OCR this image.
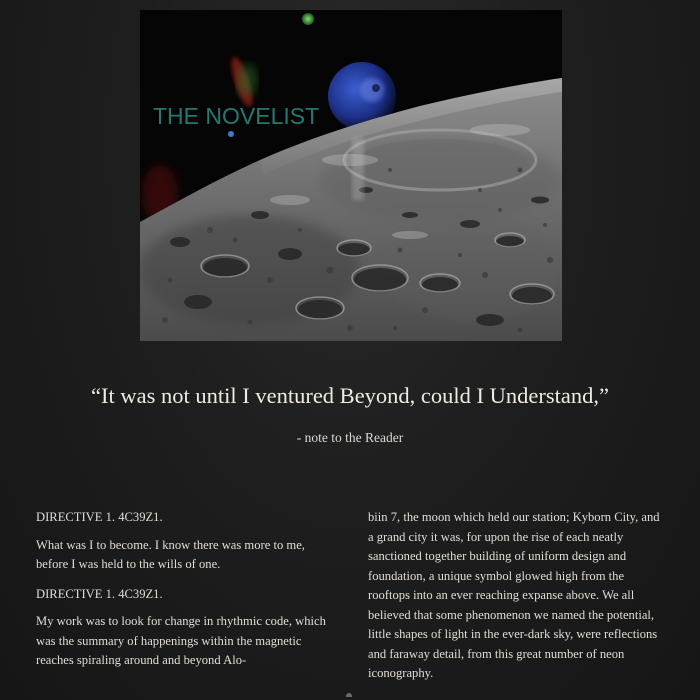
THE NOVELIST
“It was not until I ventured Beyond, could I Understand,”
- note to the Reader

DIRECTIVE 1. 4C39Z1.

What was I to become. I know there was more to me, before I was held to the wills of one.

DIRECTIVE 1. 4C39Z1.

My work was to look for change in rhythmic code, which was the summary of happenings within the magnetic reaches spiraling around and beyond Alo-

biin 7, the moon which held our station; Kyborn City, and a grand city it was, for upon the rise of each neatly sanctioned together building of uniform design and foundation, a unique symbol glowed high from the rooftops into an ever reaching expanse above. We all believed that some phenomenon we named the potential, little shapes of light in the ever-dark sky, were reflections and faraway detail, from this great number of neon iconography.
